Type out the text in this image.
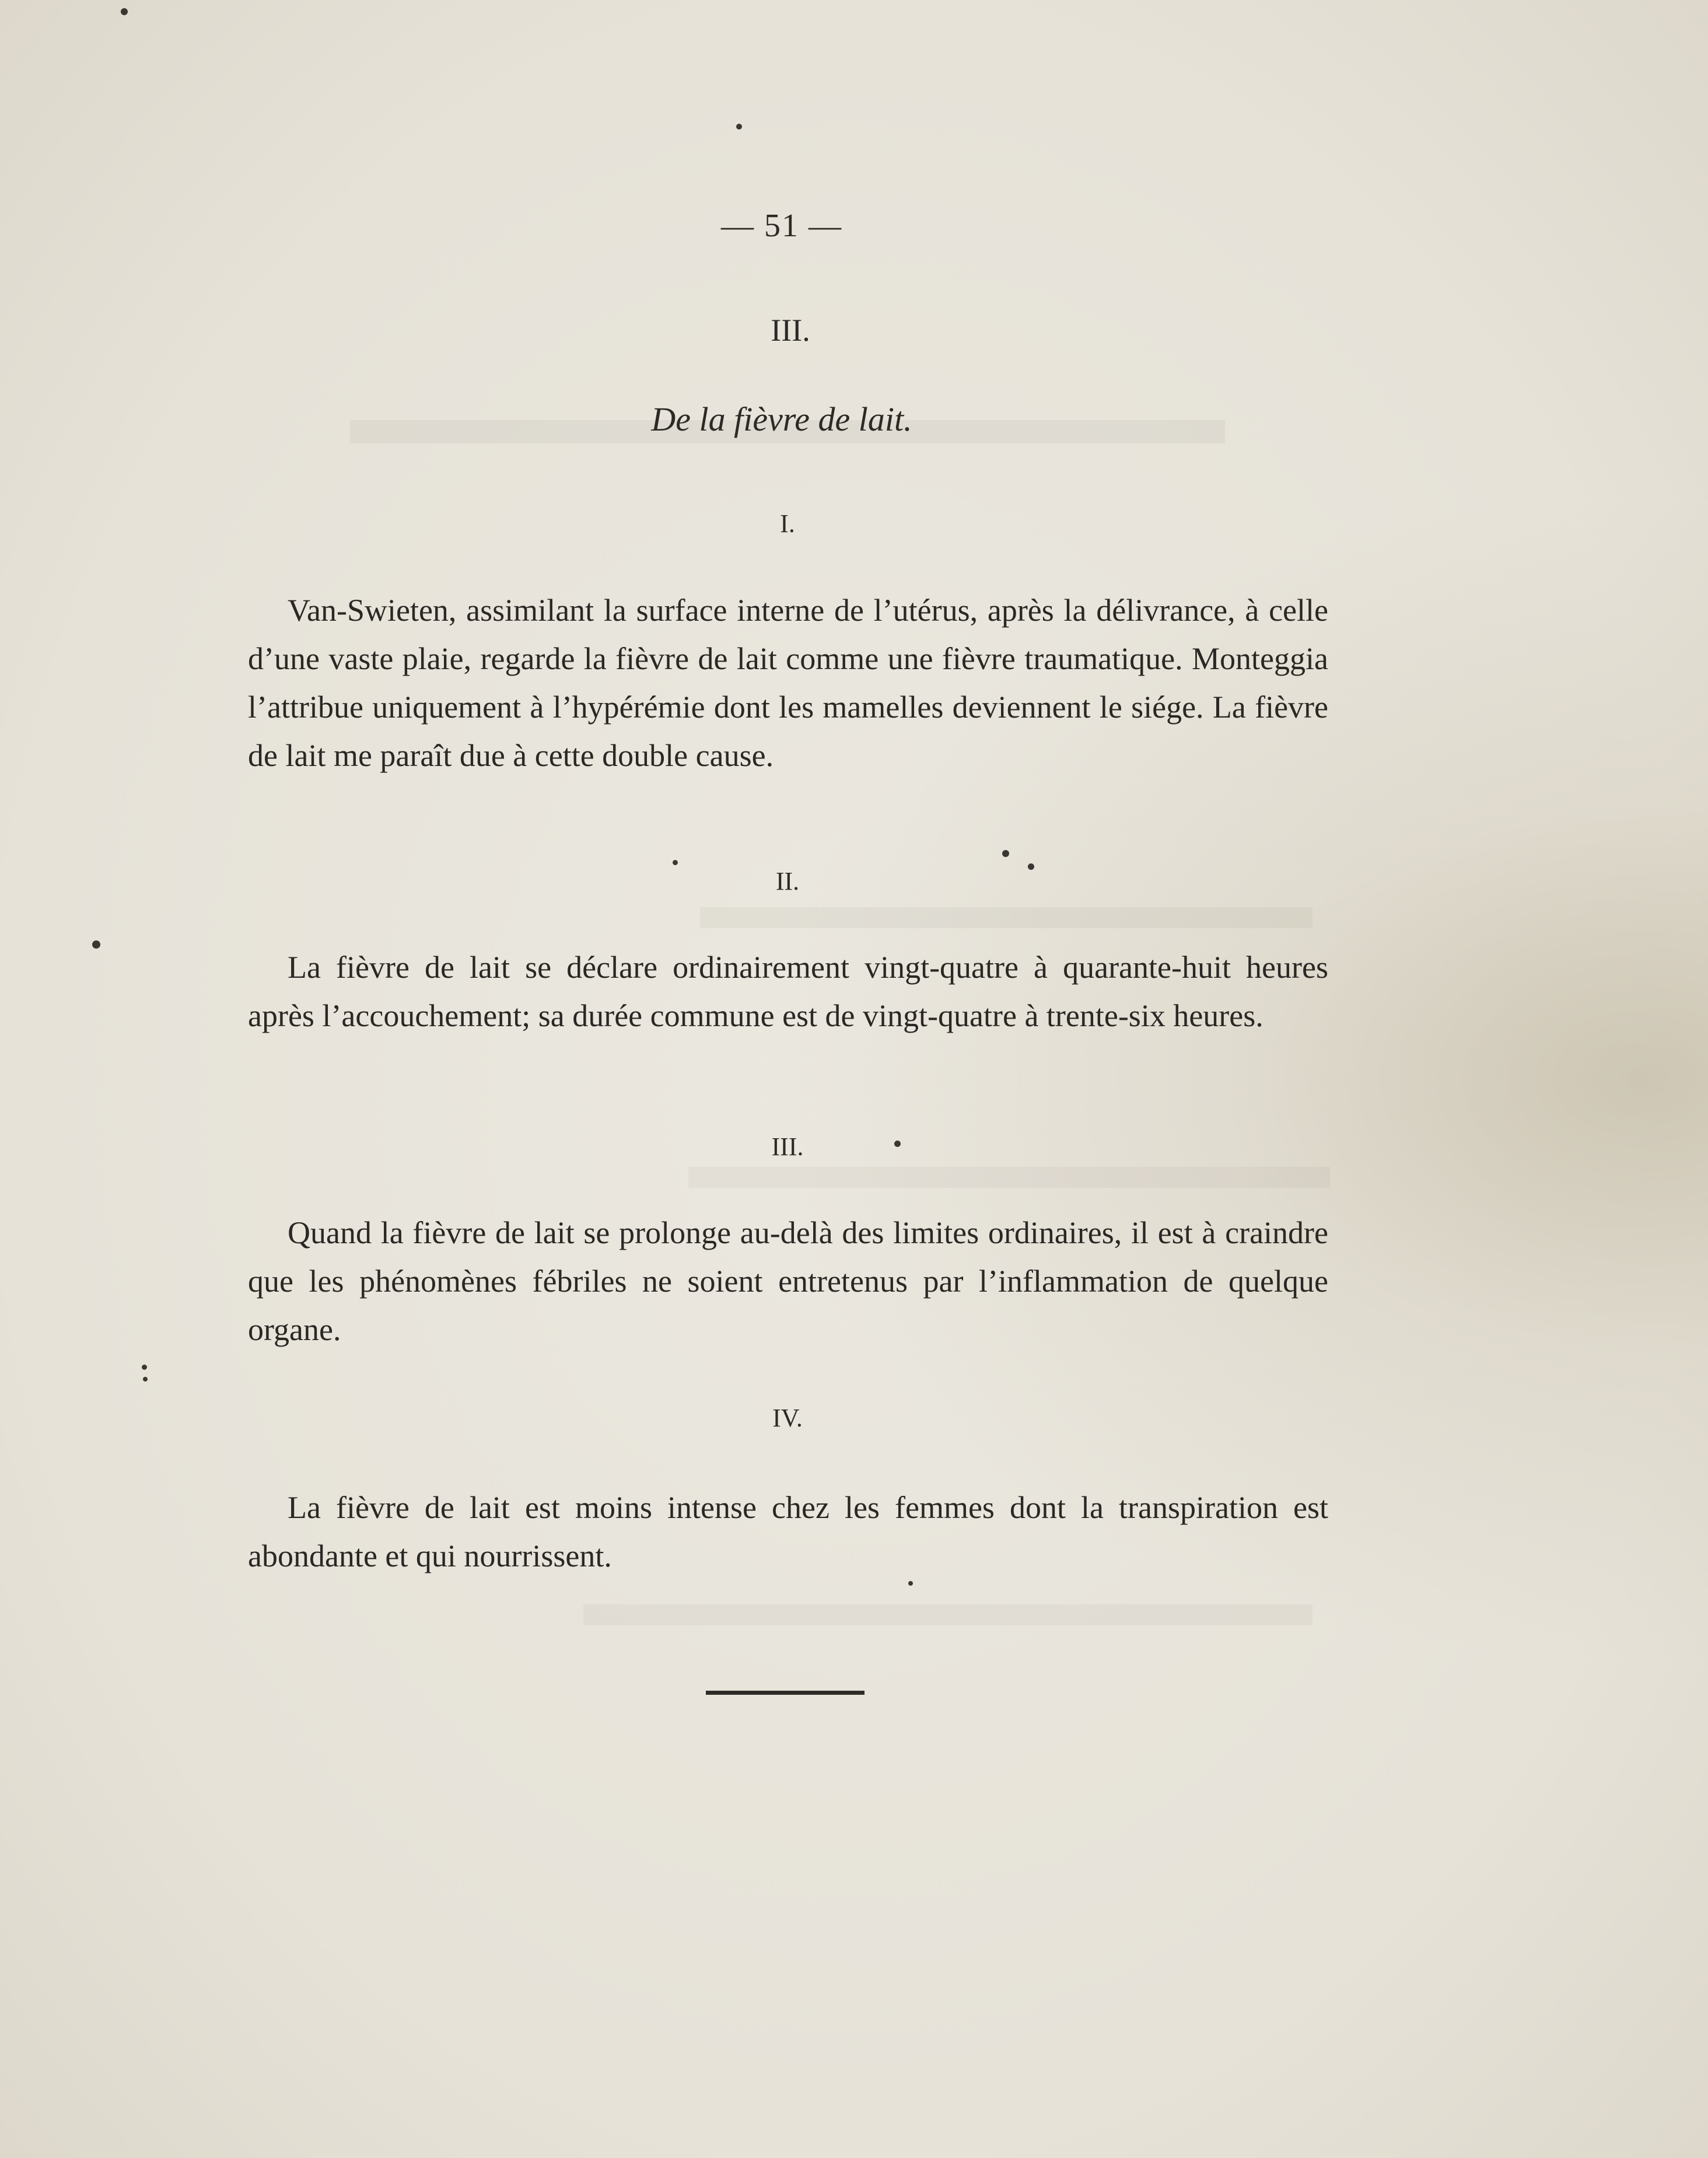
— 51 —
III.
De la fièvre de lait.
I.
Van-Swieten, assimilant la surface interne de l’utérus, après la délivrance, à celle d’une vaste plaie, regarde la fièvre de lait comme une fièvre traumatique. Monteggia l’attribue uniquement à l’hypérémie dont les mamelles deviennent le siége. La fièvre de lait me paraît due à cette double cause.
II.
La fièvre de lait se déclare ordinairement vingt-quatre à quarante-huit heures après l’accouchement; sa durée commune est de vingt-quatre à trente-six heures.
III.
Quand la fièvre de lait se prolonge au-delà des limites ordinaires, il est à craindre que les phénomènes fébriles ne soient entretenus par l’inflammation de quelque organe.
IV.
La fièvre de lait est moins intense chez les femmes dont la transpiration est abondante et qui nourrissent.
